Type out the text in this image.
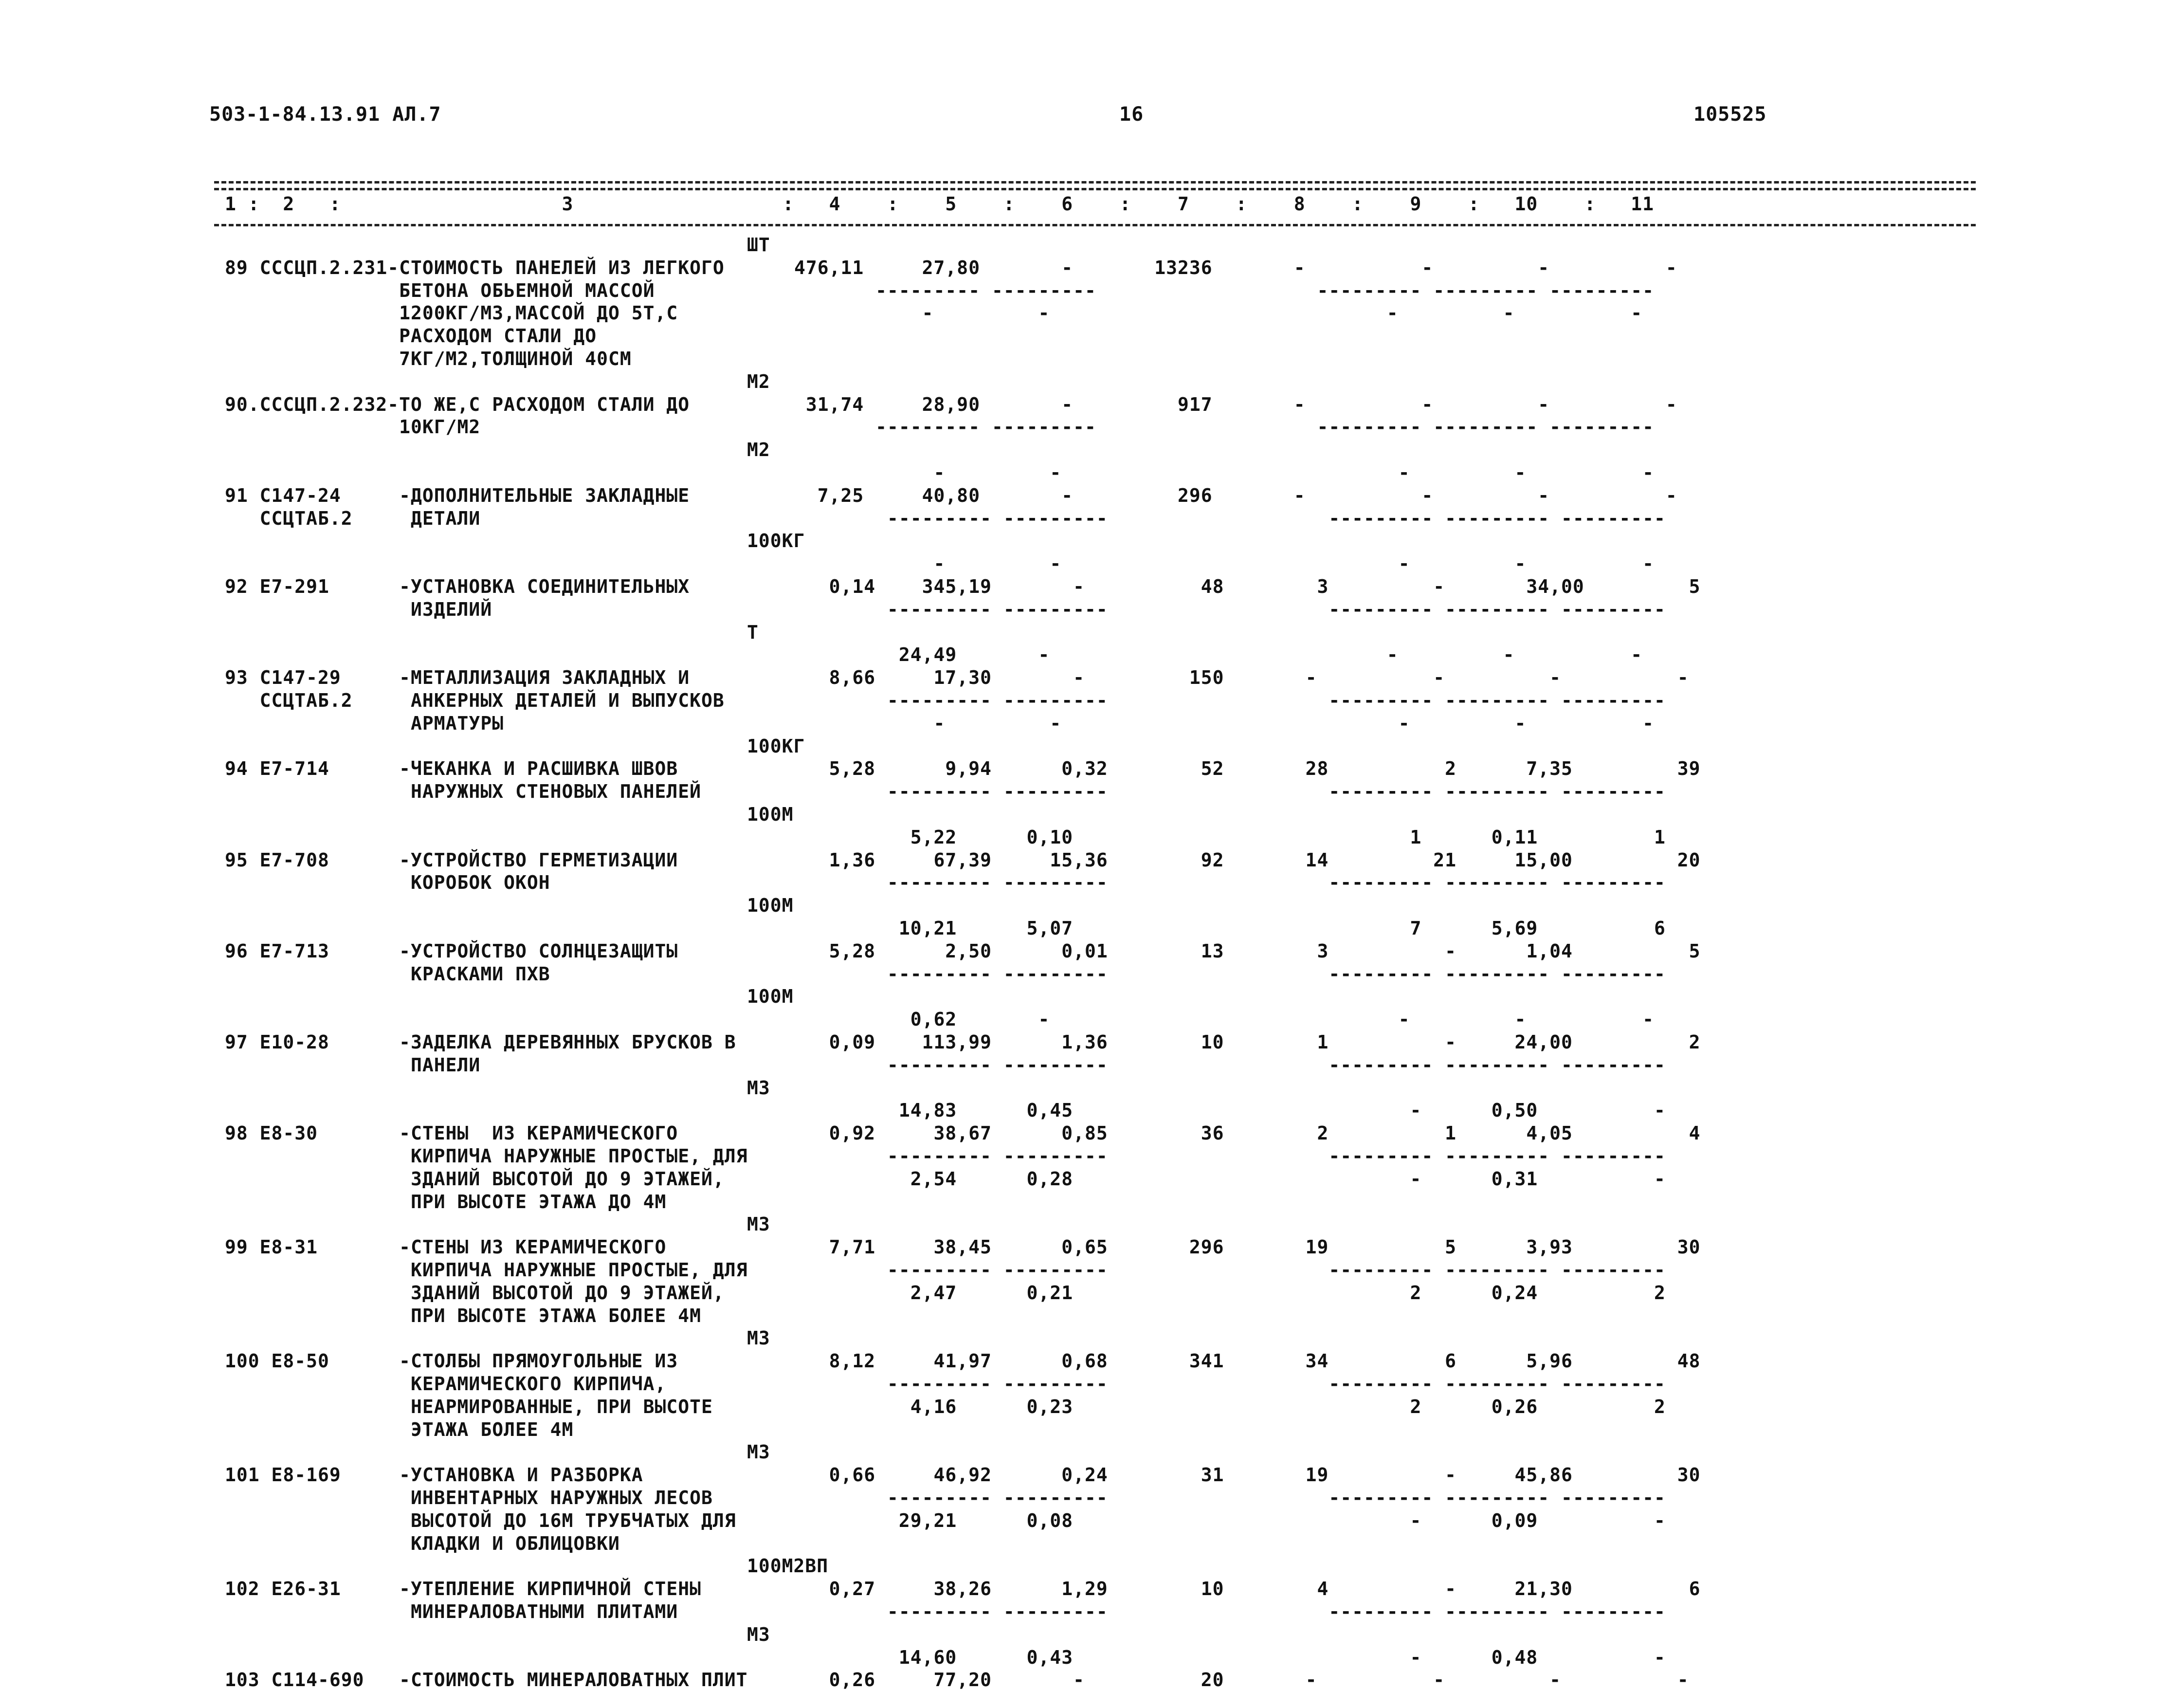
503-1-84.13.91 АЛ.7	16	105525
1 :  2   :                   3                  :   4    :    5    :    6    :    7    :    8    :    9    :   10    :   11
ШТ
89 СССЦП.2.231-СТОИМОСТЬ ПАНЕЛЕЙ ИЗ ЛЕГКОГО      476,11     27,80       -       13236       -          -         -          -
БЕТОНА ОБЬЕМНОЙ МАССОЙ                   --------- ---------                   --------- --------- ---------
1200КГ/М3,МАССОЙ ДО 5Т,С                     -         -                             -         -          -
РАСХОДОМ СТАЛИ ДО
7КГ/М2,ТОЛЩИНОЙ 40СМ
М2
90.СССЦП.2.232-ТО ЖЕ,С РАСХОДОМ СТАЛИ ДО          31,74     28,90       -         917       -          -         -          -
10КГ/М2                                  --------- ---------                   --------- --------- ---------
М2
-         -                             -         -          -
91 С147-24     -ДОПОЛНИТЕЛЬНЫЕ ЗАКЛАДНЫЕ           7,25     40,80       -         296       -          -         -          -
ССЦТАБ.2     ДЕТАЛИ                                   --------- ---------                   --------- --------- ---------
100КГ
-         -                             -         -          -
92 Е7-291      -УСТАНОВКА СОЕДИНИТЕЛЬНЫХ            0,14    345,19       -          48        3         -       34,00         5
ИЗДЕЛИЙ                                  --------- ---------                   --------- --------- ---------
Т
24,49       -                             -         -          -
93 С147-29     -МЕТАЛЛИЗАЦИЯ ЗАКЛАДНЫХ И            8,66     17,30       -         150       -          -         -          -
ССЦТАБ.2     АНКЕРНЫХ ДЕТАЛЕЙ И ВЫПУСКОВ              --------- ---------                   --------- --------- ---------
АРМАТУРЫ                                     -         -                             -         -          -
100КГ
94 Е7-714      -ЧЕКАНКА И РАСШИВКА ШВОВ             5,28      9,94      0,32        52       28          2      7,35         39
НАРУЖНЫХ СТЕНОВЫХ ПАНЕЛЕЙ                --------- ---------                   --------- --------- ---------
100М
5,22      0,10                             1      0,11          1
95 Е7-708      -УСТРОЙСТВО ГЕРМЕТИЗАЦИИ             1,36     67,39     15,36        92       14         21     15,00         20
КОРОБОК ОКОН                             --------- ---------                   --------- --------- ---------
100М
10,21      5,07                             7      5,69          6
96 Е7-713      -УСТРОЙСТВО СОЛНЦЕЗАЩИТЫ             5,28      2,50      0,01        13        3          -      1,04          5
КРАСКАМИ ПХВ                             --------- ---------                   --------- --------- ---------
100М
0,62       -                              -         -          -
97 Е10-28      -ЗАДЕЛКА ДЕРЕВЯННЫХ БРУСКОВ В        0,09    113,99      1,36        10        1          -     24,00          2
ПАНЕЛИ                                   --------- ---------                   --------- --------- ---------
М3
14,83      0,45                             -      0,50          -
98 Е8-30       -СТЕНЫ  ИЗ КЕРАМИЧЕСКОГО             0,92     38,67      0,85        36        2          1      4,05          4
КИРПИЧА НАРУЖНЫЕ ПРОСТЫЕ, ДЛЯ            --------- ---------                   --------- --------- ---------
ЗДАНИЙ ВЫСОТОЙ ДО 9 ЭТАЖЕЙ,                2,54      0,28                             -      0,31          -
ПРИ ВЫСОТЕ ЭТАЖА ДО 4М
М3
99 Е8-31       -СТЕНЫ ИЗ КЕРАМИЧЕСКОГО              7,71     38,45      0,65       296       19          5      3,93         30
КИРПИЧА НАРУЖНЫЕ ПРОСТЫЕ, ДЛЯ            --------- ---------                   --------- --------- ---------
ЗДАНИЙ ВЫСОТОЙ ДО 9 ЭТАЖЕЙ,                2,47      0,21                             2      0,24          2
ПРИ ВЫСОТЕ ЭТАЖА БОЛЕЕ 4М
М3
100 Е8-50      -СТОЛБЫ ПРЯМОУГОЛЬНЫЕ ИЗ             8,12     41,97      0,68       341       34          6      5,96         48
КЕРАМИЧЕСКОГО КИРПИЧА,                   --------- ---------                   --------- --------- ---------
НЕАРМИРОВАННЫЕ, ПРИ ВЫСОТЕ                 4,16      0,23                             2      0,26          2
ЭТАЖА БОЛЕЕ 4М
М3
101 Е8-169     -УСТАНОВКА И РАЗБОРКА                0,66     46,92      0,24        31       19          -     45,86         30
ИНВЕНТАРНЫХ НАРУЖНЫХ ЛЕСОВ               --------- ---------                   --------- --------- ---------
ВЫСОТОЙ ДО 16М ТРУБЧАТЫХ ДЛЯ              29,21      0,08                             -      0,09          -
КЛАДКИ И ОБЛИЦОВКИ
100М2ВП
102 Е26-31     -УТЕПЛЕНИЕ КИРПИЧНОЙ СТЕНЫ           0,27     38,26      1,29        10        4          -     21,30          6
МИНЕРАЛОВАТНЫМИ ПЛИТАМИ                  --------- ---------                   --------- --------- ---------
М3
14,60      0,43                             -      0,48          -
103 С114-690   -СТОИМОСТЬ МИНЕРАЛОВАТНЫХ ПЛИТ       0,26     77,20       -          20       -          -         -          -
